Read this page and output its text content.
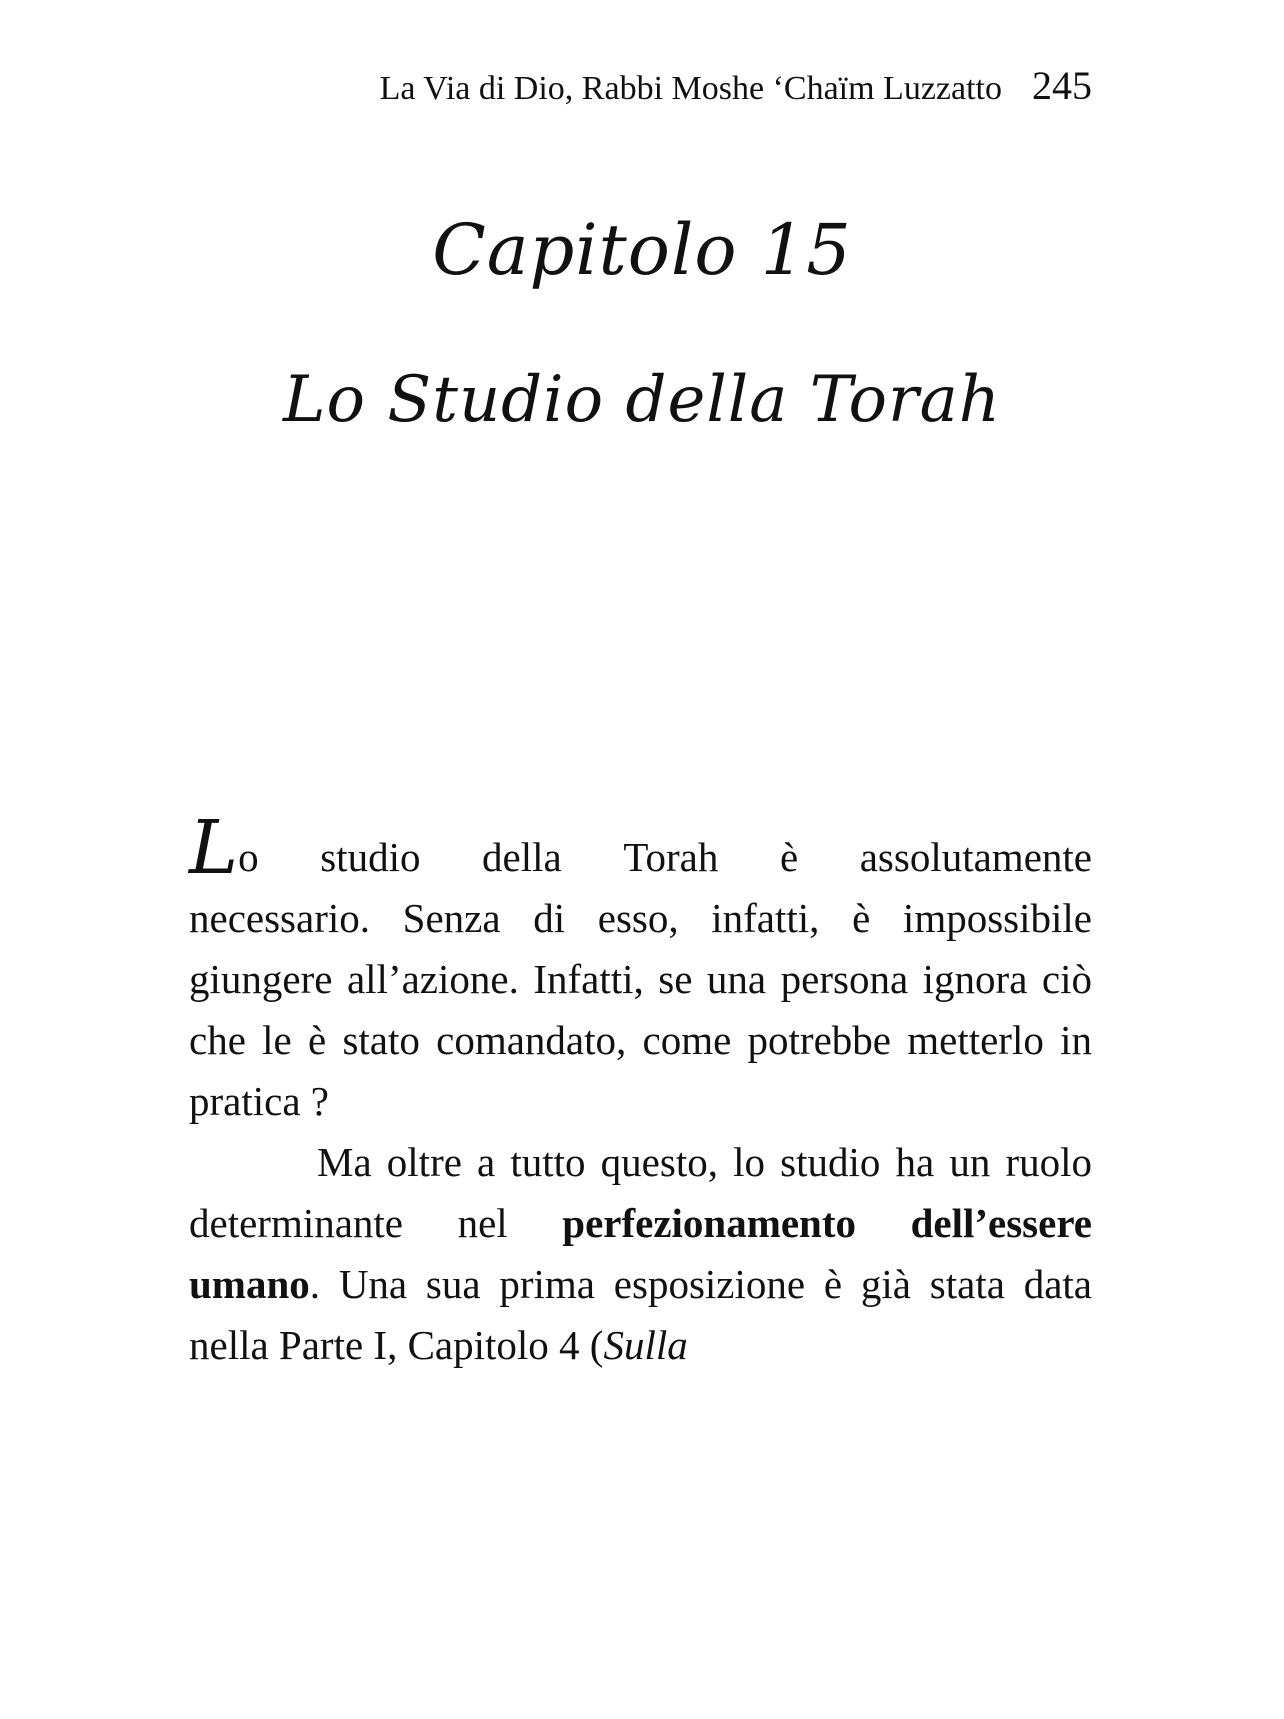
La Via di Dio, Rabbi Moshe ‘Chaïm Luzzatto 245
Capitolo 15
Lo Studio della Torah
Lo studio della Torah è assolutamente

necessario. Senza di esso, infatti, è impossibile giungere all’azione. Infatti, se una persona ignora ciò che le è stato comandato, come potrebbe metterlo in pratica ?

Ma oltre a tutto questo, lo studio ha un ruolo determinante nel perfezionamento dell’essere umano. Una sua prima esposizione è già stata data nella Parte I, Capitolo 4 (Sulla
